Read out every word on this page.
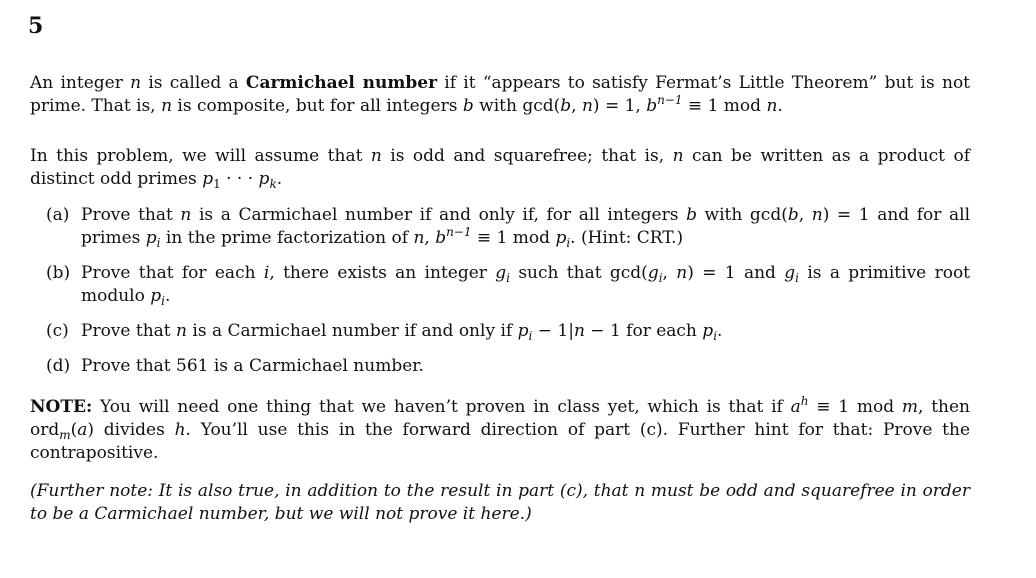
5

An integer n is called a Carmichael number if it “appears to satisfy Fermat’s Little Theorem” but is not prime. That is, n is composite, but for all integers b with gcd(b, n) = 1, $b^{n-1} \equiv 1$ mod n.

In this problem, we will assume that n is odd and squarefree; that is, n can be written as a product of distinct odd primes $p_1$ · · · $p_k$.

(a) Prove that n is a Carmichael number if and only if, for all integers b with gcd(b, n) = 1 and for all primes $p_i$ in the prime factorization of n, $b^{n-1} \equiv 1$ mod $p_i$. (Hint: CRT.)
(b) Prove that for each i, there exists an integer $g_i$ such that $\gcd(g_i$, n) = 1 and $g_i$ is a primitive root modulo $p_i$.
(c) Prove that n is a Carmichael number if and only if $p_i - 1|n - 1$ for each $p_i$.
(d) Prove that 561 is a Carmichael number.

NOTE: You will need one thing that we haven’t proven in class yet, which is that if $a^h \equiv 1$ mod m, then ord$_m$(a) divides h. You’ll use this in the forward direction of part (c). Further hint for that: Prove the contrapositive.

(Further note: It is also true, in addition to the result in part (c), that n must be odd and squarefree in order to be a Carmichael number, but we will not prove it here.)
